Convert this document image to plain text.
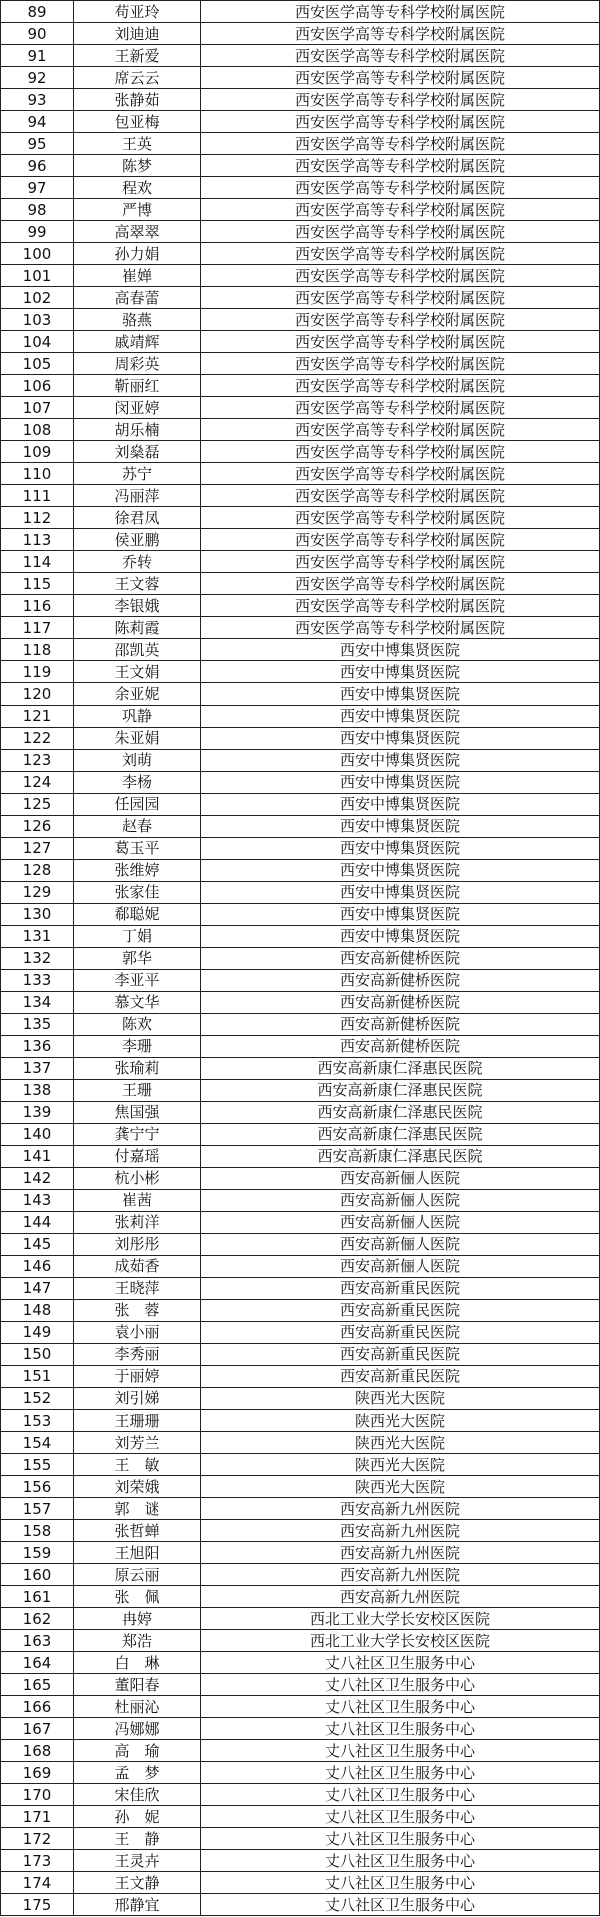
89	苟亚玲	西安医学高等专科学校附属医院
90	刘迪迪	西安医学高等专科学校附属医院
91	王新爱	西安医学高等专科学校附属医院
92	席云云	西安医学高等专科学校附属医院
93	张静茹	西安医学高等专科学校附属医院
94	包亚梅	西安医学高等专科学校附属医院
95	王英	西安医学高等专科学校附属医院
96	陈梦	西安医学高等专科学校附属医院
97	程欢	西安医学高等专科学校附属医院
98	严博	西安医学高等专科学校附属医院
99	高翠翠	西安医学高等专科学校附属医院
100	孙力娟	西安医学高等专科学校附属医院
101	崔婵	西安医学高等专科学校附属医院
102	高春蕾	西安医学高等专科学校附属医院
103	骆燕	西安医学高等专科学校附属医院
104	戚靖辉	西安医学高等专科学校附属医院
105	周彩英	西安医学高等专科学校附属医院
106	靳丽红	西安医学高等专科学校附属医院
107	闵亚婷	西安医学高等专科学校附属医院
108	胡乐楠	西安医学高等专科学校附属医院
109	刘燊磊	西安医学高等专科学校附属医院
110	苏宁	西安医学高等专科学校附属医院
111	冯丽萍	西安医学高等专科学校附属医院
112	徐君凤	西安医学高等专科学校附属医院
113	侯亚鹏	西安医学高等专科学校附属医院
114	乔转	西安医学高等专科学校附属医院
115	王文蓉	西安医学高等专科学校附属医院
116	李银娥	西安医学高等专科学校附属医院
117	陈莉霞	西安医学高等专科学校附属医院
118	邵凯英	西安中博集贤医院
119	王文娟	西安中博集贤医院
120	余亚妮	西安中博集贤医院
121	巩静	西安中博集贤医院
122	朱亚娟	西安中博集贤医院
123	刘萌	西安中博集贤医院
124	李杨	西安中博集贤医院
125	任园园	西安中博集贤医院
126	赵春	西安中博集贤医院
127	葛玉平	西安中博集贤医院
128	张维婷	西安中博集贤医院
129	张家佳	西安中博集贤医院
130	郗聪妮	西安中博集贤医院
131	丁娟	西安中博集贤医院
132	郭华	西安高新健桥医院
133	李亚平	西安高新健桥医院
134	慕文华	西安高新健桥医院
135	陈欢	西安高新健桥医院
136	李珊	西安高新健桥医院
137	张瑜莉	西安高新康仁泽惠民医院
138	王珊	西安高新康仁泽惠民医院
139	焦国强	西安高新康仁泽惠民医院
140	龚宁宁	西安高新康仁泽惠民医院
141	付嘉瑶	西安高新康仁泽惠民医院
142	杭小彬	西安高新俪人医院
143	崔茜	西安高新俪人医院
144	张莉洋	西安高新俪人医院
145	刘彤彤	西安高新俪人医院
146	成茹香	西安高新俪人医院
147	王晓萍	西安高新重民医院
148	张　蓉	西安高新重民医院
149	袁小丽	西安高新重民医院
150	李秀丽	西安高新重民医院
151	于丽婷	西安高新重民医院
152	刘引娣	陕西光大医院
153	王珊珊	陕西光大医院
154	刘芳兰	陕西光大医院
155	王　敏	陕西光大医院
156	刘荣娥	陕西光大医院
157	郭　谜	西安高新九州医院
158	张哲蝉	西安高新九州医院
159	王旭阳	西安高新九州医院
160	原云丽	西安高新九州医院
161	张　佩	西安高新九州医院
162	冉婷	西北工业大学长安校区医院
163	郑浩	西北工业大学长安校区医院
164	白　琳	丈八社区卫生服务中心
165	董阳春	丈八社区卫生服务中心
166	杜丽沁	丈八社区卫生服务中心
167	冯娜娜	丈八社区卫生服务中心
168	高　瑜	丈八社区卫生服务中心
169	孟　梦	丈八社区卫生服务中心
170	宋佳欣	丈八社区卫生服务中心
171	孙　妮	丈八社区卫生服务中心
172	王　静	丈八社区卫生服务中心
173	王灵卉	丈八社区卫生服务中心
174	王文静	丈八社区卫生服务中心
175	邢静宜	丈八社区卫生服务中心
